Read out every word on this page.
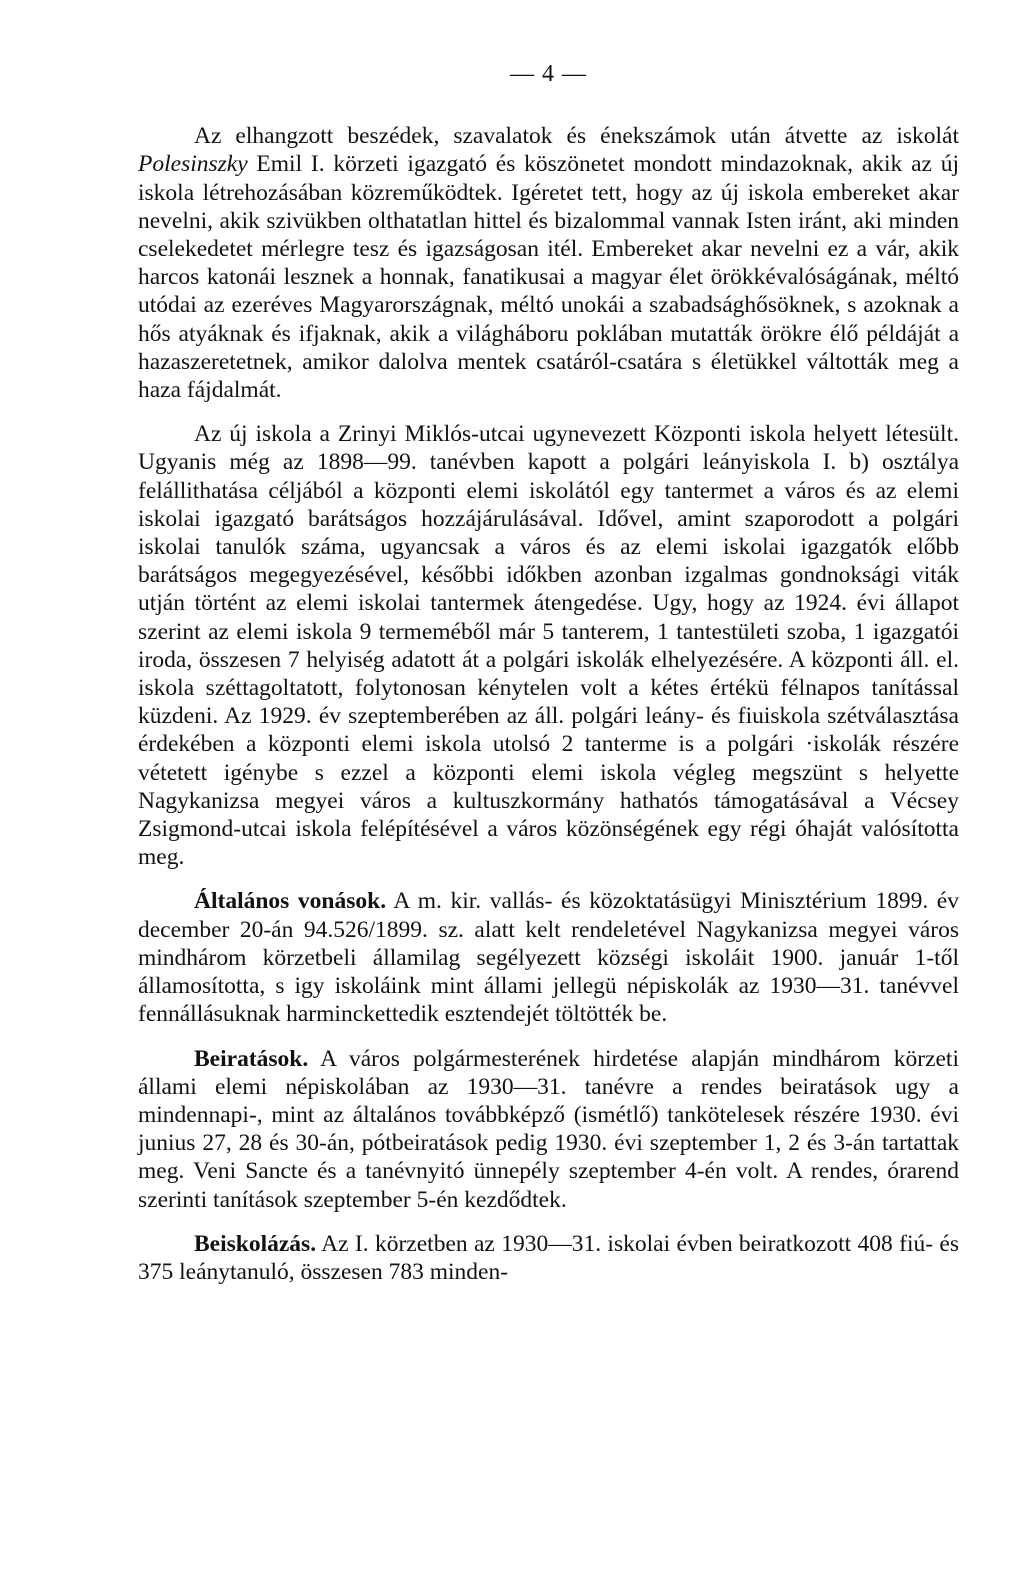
— 4 —

Az elhangzott beszédek, szavalatok és énekszámok után átvette az iskolát Polesinszky Emil I. körzeti igazgató és köszönetet mondott mindazoknak, akik az új iskola létrehozásában közreműködtek. Igéretet tett, hogy az új iskola embereket akar nevelni, akik szivükben olthatatlan hittel és bizalommal vannak Isten iránt, aki minden cselekedetet mérlegre tesz és igazságosan itél. Embereket akar nevelni ez a vár, akik harcos katonái lesznek a honnak, fanatikusai a magyar élet örökkévalóságának, méltó utódai az ezeréves Magyarországnak, méltó unokái a szabadsághősöknek, s azoknak a hős atyáknak és ifjaknak, akik a világháboru poklában mutatták örökre élő példáját a hazaszeretetnek, amikor dalolva mentek csatáról-csatára s életükkel váltották meg a haza fájdalmát.

Az új iskola a Zrinyi Miklós-utcai ugynevezett Központi iskola helyett létesült. Ugyanis még az 1898—99. tanévben kapott a polgári leányiskola I. b) osztálya felállithatása céljából a központi elemi iskolától egy tantermet a város és az elemi iskolai igazgató barátságos hozzájárulásával. Idővel, amint szaporodott a polgári iskolai tanulók száma, ugyancsak a város és az elemi iskolai igazgatók előbb barátságos megegyezésével, későbbi időkben azonban izgalmas gondnoksági viták utján történt az elemi iskolai tantermek átengedése. Ugy, hogy az 1924. évi állapot szerint az elemi iskola 9 termeméből már 5 tanterem, 1 tantestületi szoba, 1 igazgatói iroda, összesen 7 helyiség adatott át a polgári iskolák elhelyezésére. A központi áll. el. iskola széttagoltatott, folytonosan kénytelen volt a kétes értékü félnapos tanítással küzdeni. Az 1929. év szeptemberében az áll. polgári leány- és fiuiskola szétválasztása érdekében a központi elemi iskola utolsó 2 tanterme is a polgári ·iskolák részére vétetett igénybe s ezzel a központi elemi iskola végleg megszünt s helyette Nagykanizsa megyei város a kultuszkormány hathatós támogatásával a Vécsey Zsigmond-utcai iskola felépítésével a város közönségének egy régi óhaját valósította meg.

Általános vonások. A m. kir. vallás- és közoktatásügyi Minisztérium 1899. év december 20-án 94.526/1899. sz. alatt kelt rendeletével Nagykanizsa megyei város mindhárom körzetbeli államilag segélyezett községi iskoláit 1900. január 1-től államosította, s igy iskoláink mint állami jellegü népiskolák az 1930—31. tanévvel fennállásuknak harminckettedik esztendejét töltötték be.

Beiratások. A város polgármesterének hirdetése alapján mindhárom körzeti állami elemi népiskolában az 1930—31. tanévre a rendes beiratások ugy a mindennapi-, mint az általános továbbképző (ismétlő) tankötelesek részére 1930. évi junius 27, 28 és 30-án, pótbeiratások pedig 1930. évi szeptember 1, 2 és 3-án tartattak meg. Veni Sancte és a tanévnyitó ünnepély szeptember 4-én volt. A rendes, órarend szerinti tanítások szeptember 5-én kezdődtek.

Beiskolázás. Az I. körzetben az 1930—31. iskolai évben beiratkozott 408 fiú- és 375 leánytanuló, összesen 783 minden-
